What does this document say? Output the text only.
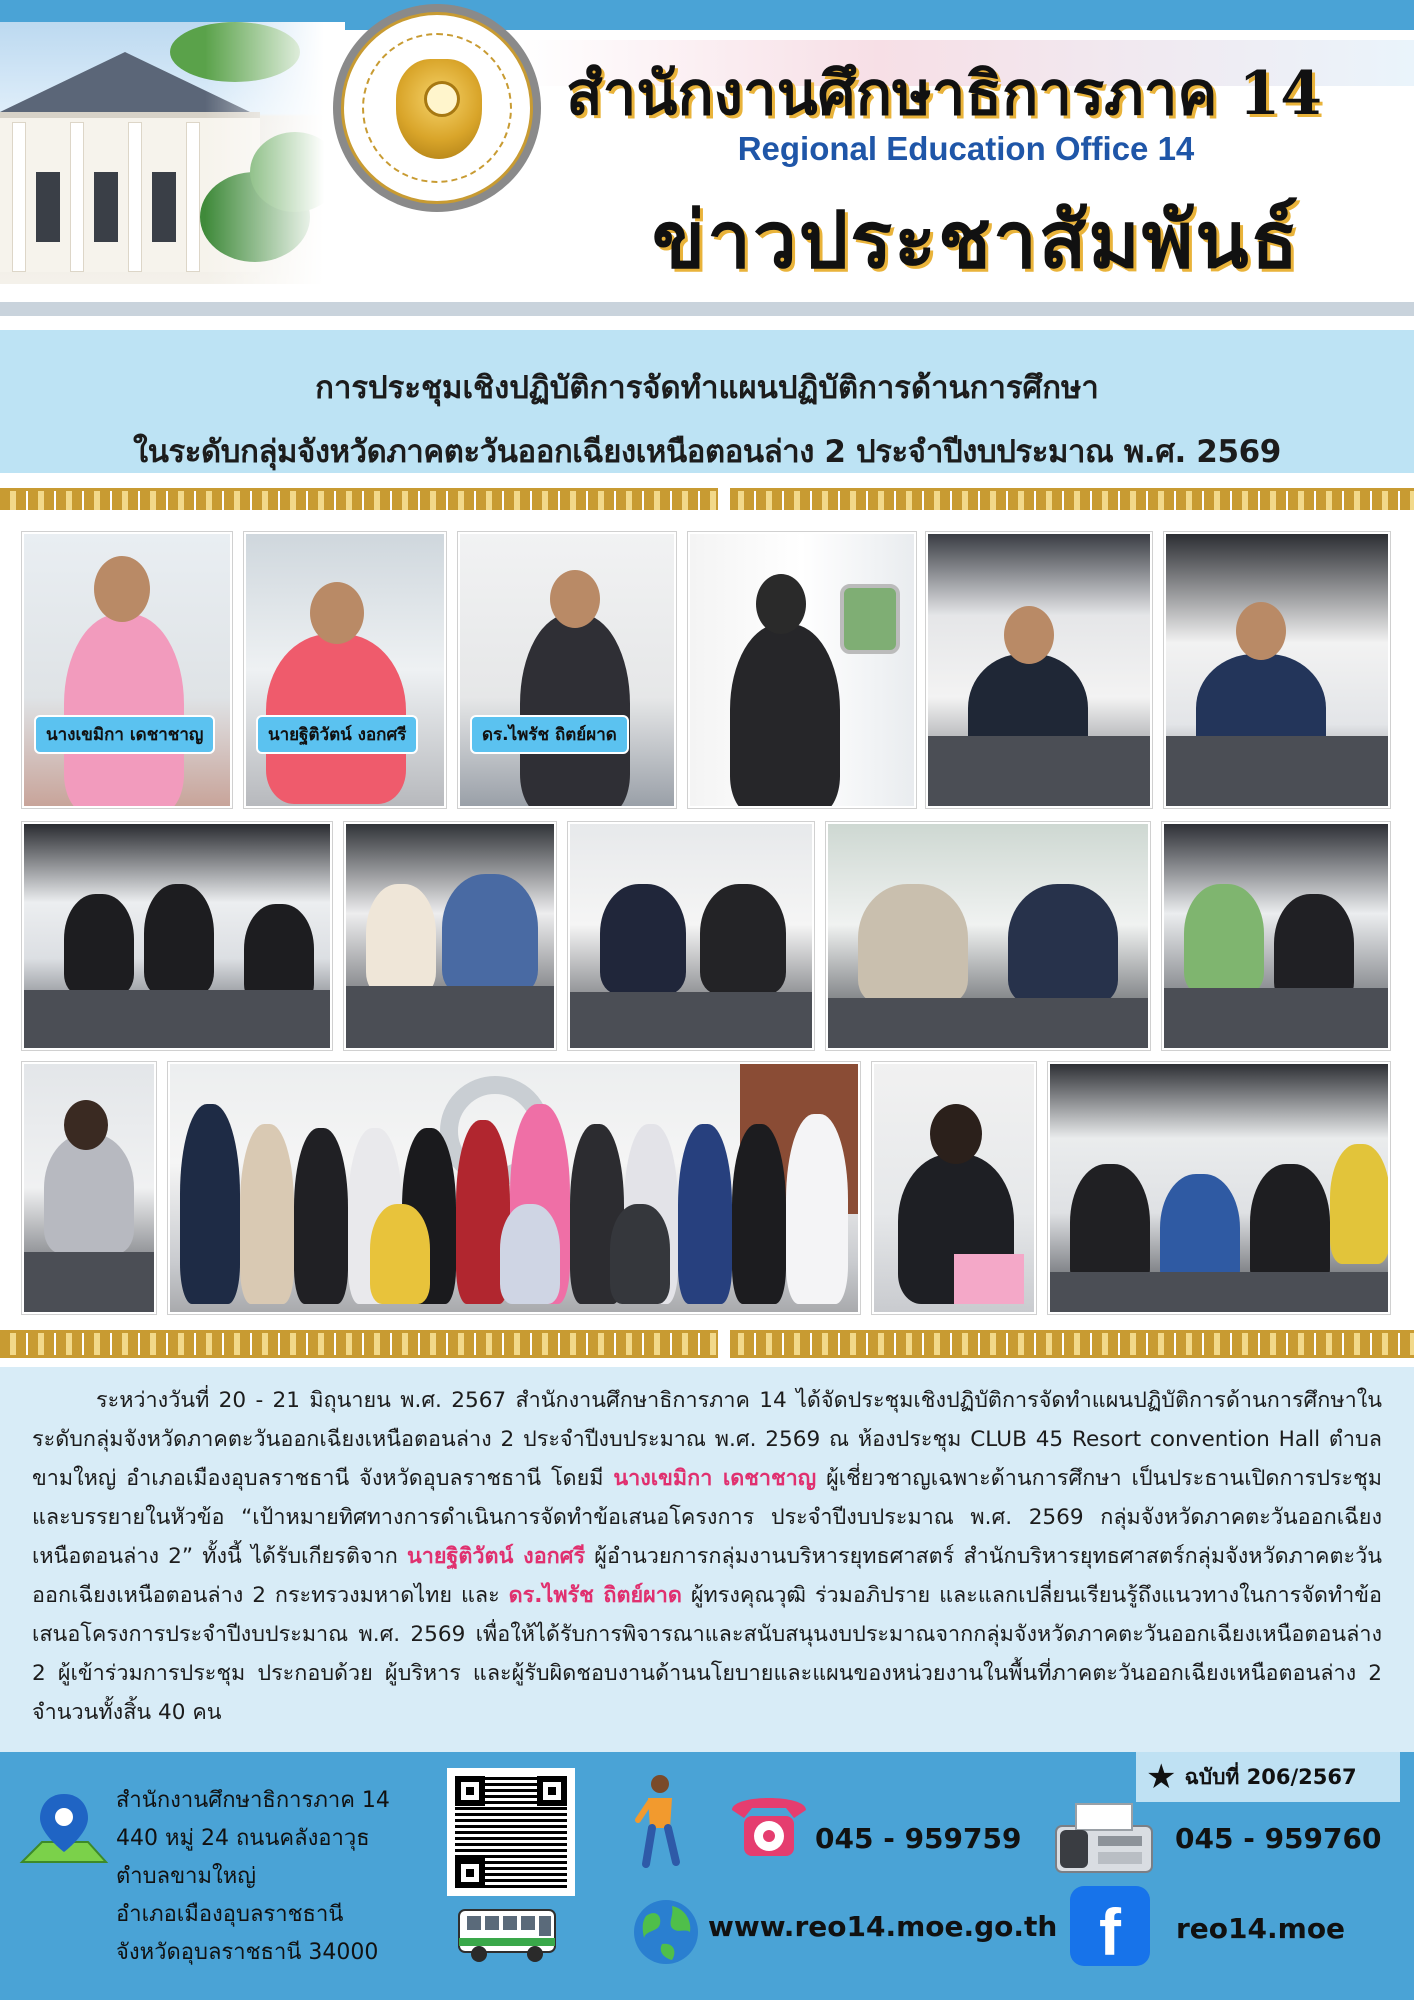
สำนักงานศึกษาธิการภาค 14
Regional Education Office 14
ข่าวประชาสัมพันธ์
การประชุมเชิงปฏิบัติการจัดทำแผนปฏิบัติการด้านการศึกษา
ในระดับกลุ่มจังหวัดภาคตะวันออกเฉียงเหนือตอนล่าง 2 ประจำปีงบประมาณ พ.ศ. 2569
นางเขมิกา เดชาชาญ	นายฐิติวัตน์ งอกศรี	ดร.ไพรัช ถิตย์ผาด

ระหว่างวันที่ 20 - 21 มิถุนายน พ.ศ. 2567 สำนักงานศึกษาธิการภาค 14 ได้จัดประชุมเชิงปฏิบัติการจัดทำแผนปฏิบัติการด้านการศึกษาในระดับกลุ่มจังหวัดภาคตะวันออกเฉียงเหนือตอนล่าง 2 ประจำปีงบประมาณ พ.ศ. 2569 ณ ห้องประชุม CLUB 45 Resort convention Hall ตำบลขามใหญ่ อำเภอเมืองอุบลราชธานี จังหวัดอุบลราชธานี โดยมี นางเขมิกา เดชาชาญ ผู้เชี่ยวชาญเฉพาะด้านการศึกษา เป็นประธานเปิดการประชุม และบรรยายในหัวข้อ “เป้าหมายทิศทางการดำเนินการจัดทำข้อเสนอโครงการ ประจำปีงบประมาณ พ.ศ. 2569 กลุ่มจังหวัดภาคตะวันออกเฉียงเหนือตอนล่าง 2” ทั้งนี้ ได้รับเกียรติจาก นายฐิติวัตน์ งอกศรี ผู้อำนวยการกลุ่มงานบริหารยุทธศาสตร์ สำนักบริหารยุทธศาสตร์กลุ่มจังหวัดภาคตะวันออกเฉียงเหนือตอนล่าง 2 กระทรวงมหาดไทย และ ดร.ไพรัช ถิตย์ผาด ผู้ทรงคุณวุฒิ ร่วมอภิปราย และแลกเปลี่ยนเรียนรู้ถึงแนวทางในการจัดทำข้อเสนอโครงการประจำปีงบประมาณ พ.ศ. 2569 เพื่อให้ได้รับการพิจารณาและสนับสนุนงบประมาณจากกลุ่มจังหวัดภาคตะวันออกเฉียงเหนือตอนล่าง 2 ผู้เข้าร่วมการประชุม ประกอบด้วย ผู้บริหาร และผู้รับผิดชอบงานด้านนโยบายและแผนของหน่วยงานในพื้นที่ภาคตะวันออกเฉียงเหนือตอนล่าง 2 จำนวนทั้งสิ้น 40 คน

★ ฉบับที่ 206/2567
สำนักงานศึกษาธิการภาค 14
440 หมู่ 24 ถนนคลังอาวุธ
ตำบลขามใหญ่
อำเภอเมืองอุบลราชธานี
จังหวัดอุบลราชธานี 34000
045 - 959759	045 - 959760
www.reo14.moe.go.th f	reo14.moe
